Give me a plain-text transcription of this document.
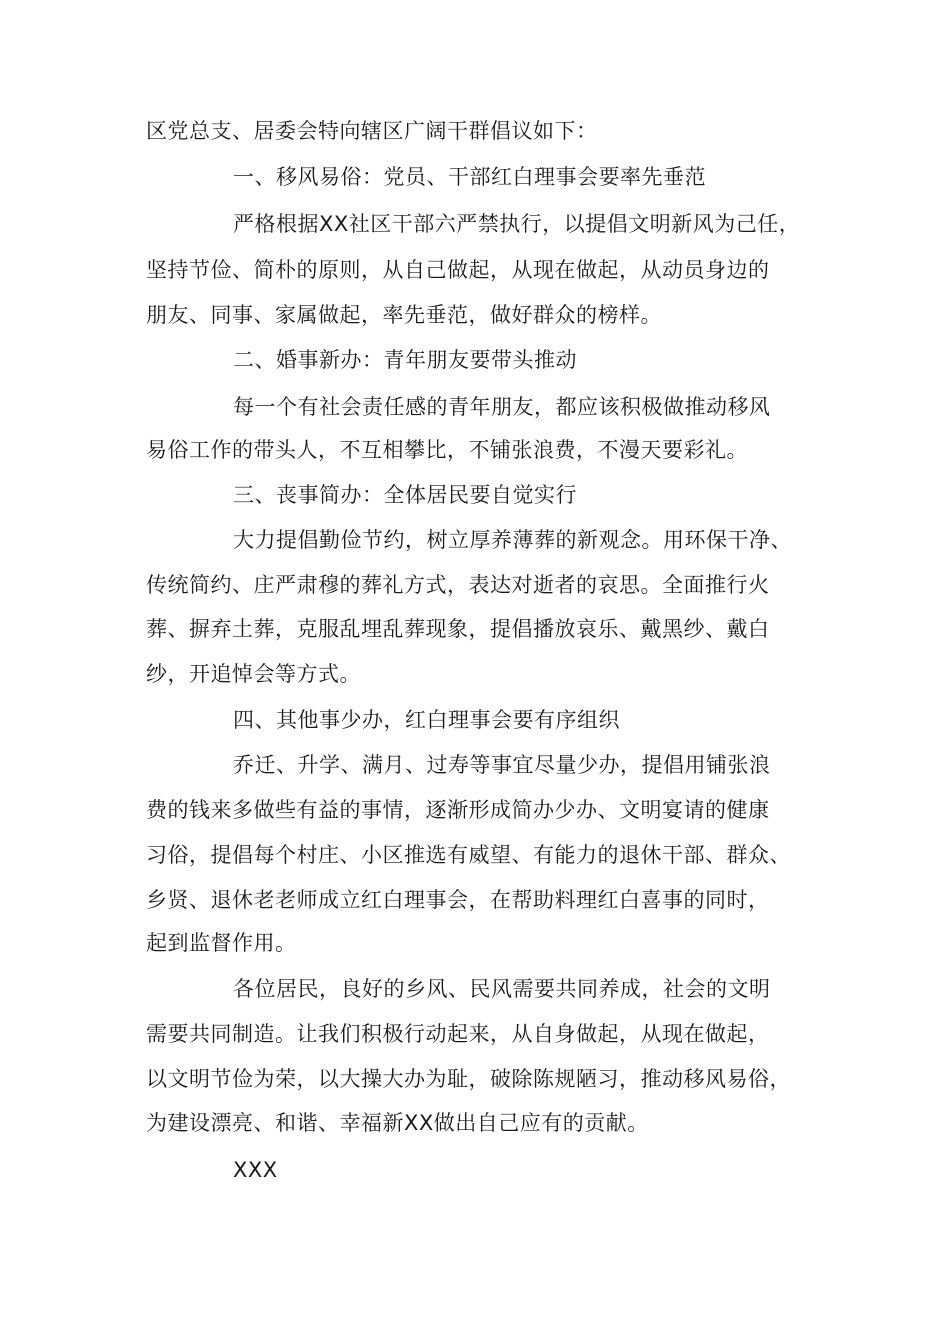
区党总支、居委会特向辖区广阔干群倡议如下：
一、移风易俗：党员、干部红白理事会要率先垂范
严格根据XX社区干部六严禁执行，以提倡文明新风为己任，
坚持节俭、简朴的原则，从自己做起，从现在做起，从动员身边的
朋友、同事、家属做起，率先垂范，做好群众的榜样。
二、婚事新办：青年朋友要带头推动
每一个有社会责任感的青年朋友，都应该积极做推动移风
易俗工作的带头人，不互相攀比，不铺张浪费，不漫天要彩礼。
三、丧事简办：全体居民要自觉实行
大力提倡勤俭节约，树立厚养薄葬的新观念。用环保干净、
传统简约、庄严肃穆的葬礼方式，表达对逝者的哀思。全面推行火
葬、摒弃土葬，克服乱埋乱葬现象，提倡播放哀乐、戴黑纱、戴白
纱，开追悼会等方式。
四、其他事少办，红白理事会要有序组织
乔迁、升学、满月、过寿等事宜尽量少办，提倡用铺张浪
费的钱来多做些有益的事情，逐渐形成简办少办、文明宴请的健康
习俗，提倡每个村庄、小区推选有威望、有能力的退休干部、群众、
乡贤、退休老老师成立红白理事会，在帮助料理红白喜事的同时，
起到监督作用。
各位居民，良好的乡风、民风需要共同养成，社会的文明
需要共同制造。让我们积极行动起来，从自身做起，从现在做起，
以文明节俭为荣，以大操大办为耻，破除陈规陋习，推动移风易俗，
为建设漂亮、和谐、幸福新XX做出自己应有的贡献。
XXX
